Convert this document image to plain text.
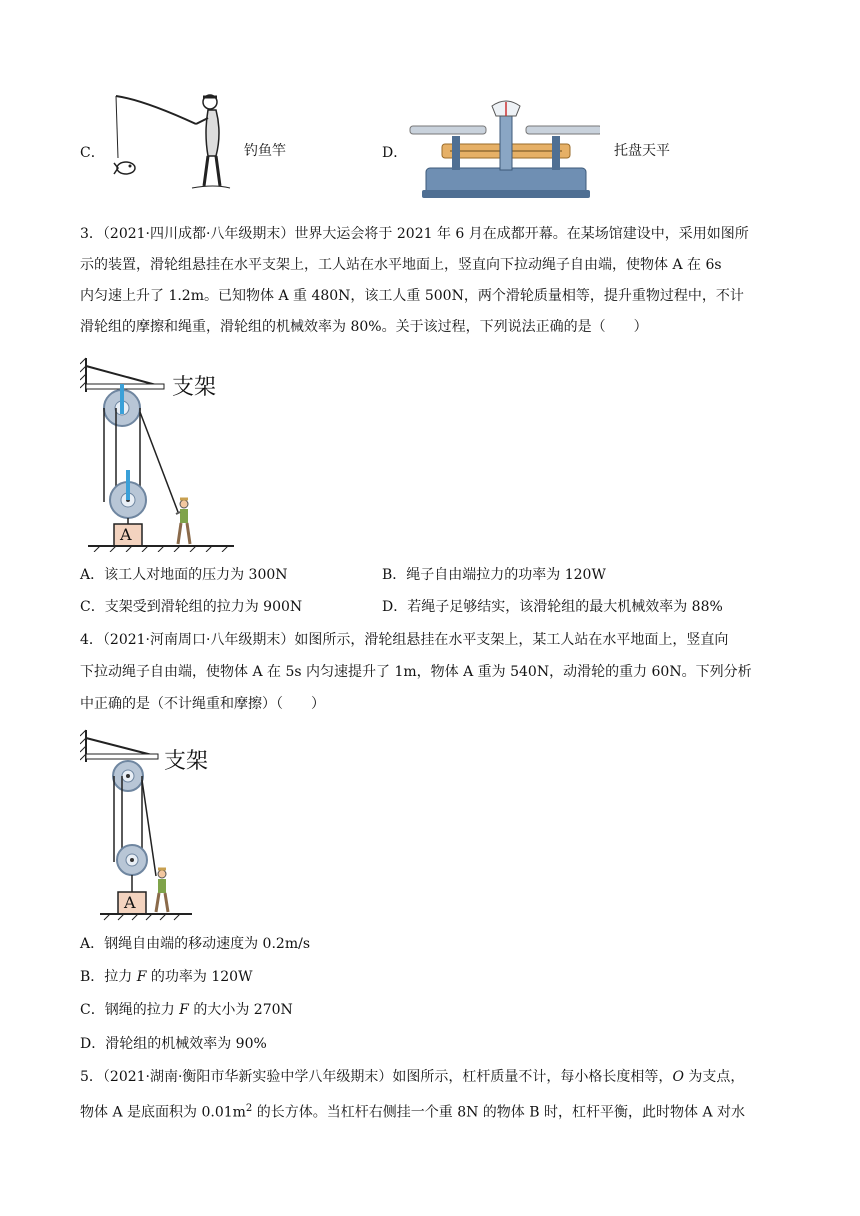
C．	钓鱼竿	D．	托盘天平
3．（2021·四川成都·八年级期末）世界大运会将于 2021 年 6 月在成都开幕。在某场馆建设中，采用如图所
示的装置，滑轮组悬挂在水平支架上，工人站在水平地面上，竖直向下拉动绳子自由端，使物体 A 在 6s
内匀速上升了 1.2m。已知物体 A 重 480N，该工人重 500N，两个滑轮质量相等，提升重物过程中，不计
滑轮组的摩擦和绳重，滑轮组的机械效率为 80%。关于该过程，下列说法正确的是（　　）
支架
A
A．该工人对地面的压力为 300N	B．绳子自由端拉力的功率为 120W
C．支架受到滑轮组的拉力为 900N	D．若绳子足够结实，该滑轮组的最大机械效率为 88%
4．（2021·河南周口·八年级期末）如图所示，滑轮组悬挂在水平支架上，某工人站在水平地面上，竖直向
下拉动绳子自由端，使物体 A 在 5s 内匀速提升了 1m，物体 A 重为 540N，动滑轮的重力 60N。下列分析
中正确的是（不计绳重和摩擦）（　　）
支架
A
A．钢绳自由端的移动速度为 0.2m/s
B．拉力 F 的功率为 120W
C．钢绳的拉力 F 的大小为 270N
D．滑轮组的机械效率为 90%
5．（2021·湖南·衡阳市华新实验中学八年级期末）如图所示，杠杆质量不计，每小格长度相等，O 为支点，
物体 A 是底面积为 $0.01m^2$ 的长方体。当杠杆右侧挂一个重 8N 的物体 B 时，杠杆平衡，此时物体 A 对水
